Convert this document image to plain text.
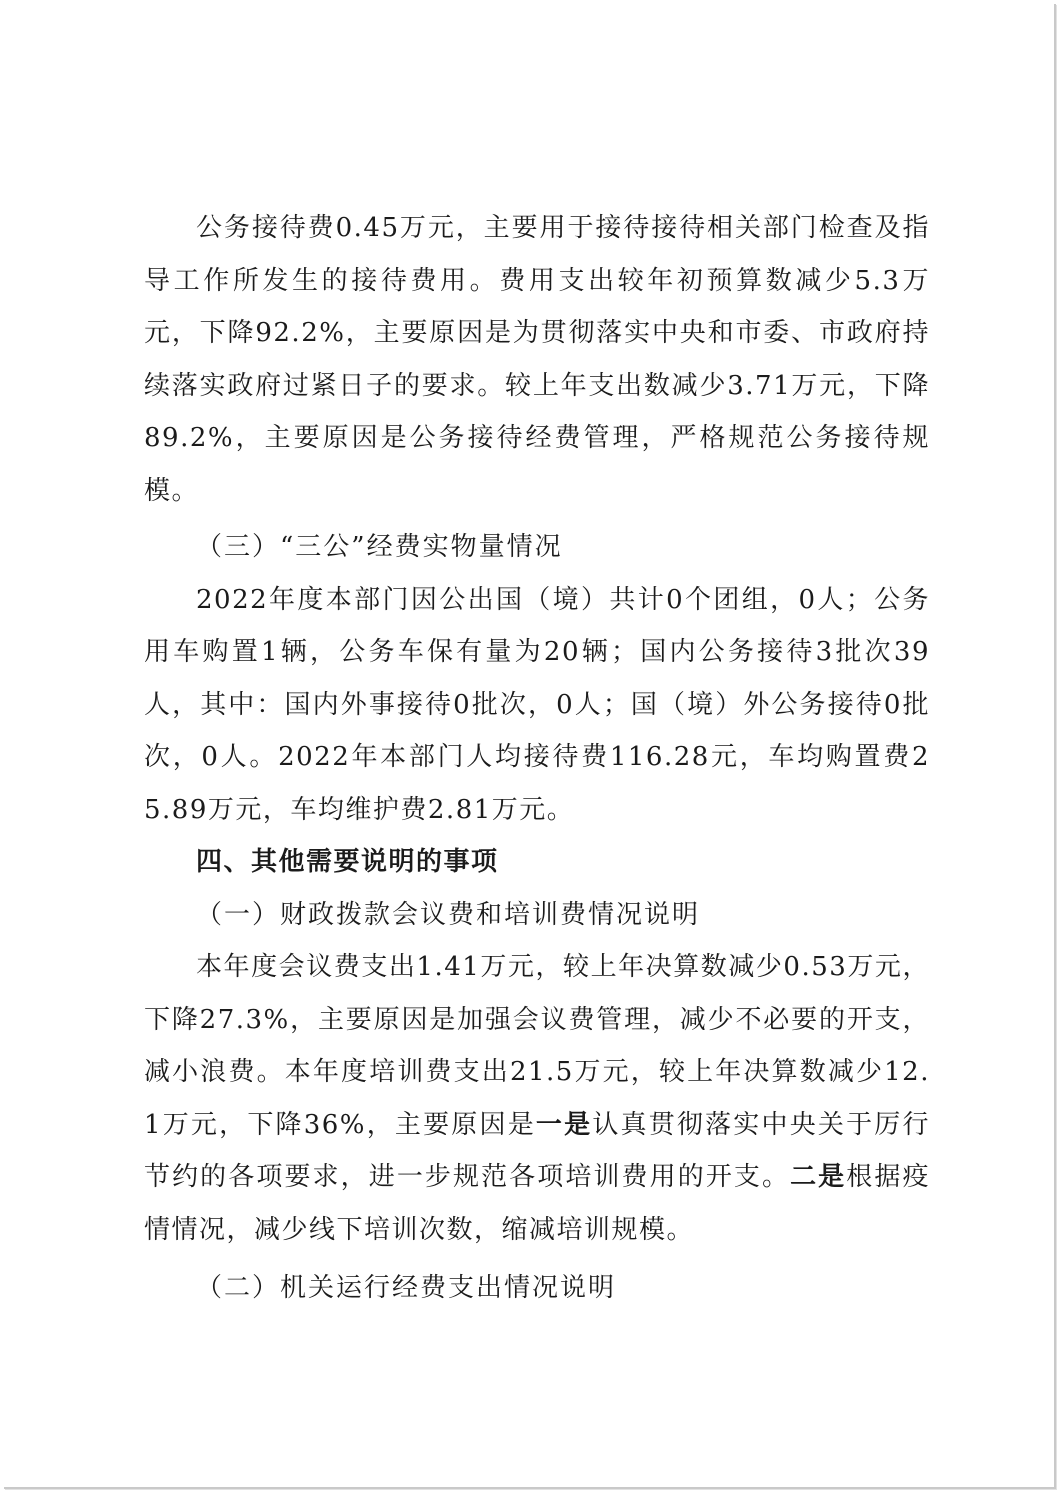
公务接待费0.45万元，主要用于接待接待相关部门检查及指导工作所发生的接待费用。费用支出较年初预算数减少5.3万元，下降92.2%，主要原因是为贯彻落实中央和市委、市政府持续落实政府过紧日子的要求。较上年支出数减少3.71万元，下降89.2%，主要原因是公务接待经费管理，严格规范公务接待规模。

（三）“三公”经费实物量情况

2022年度本部门因公出国（境）共计0个团组，0人；公务用车购置1辆，公务车保有量为20辆；国内公务接待3批次39人，其中：国内外事接待0批次，0人；国（境）外公务接待0批次，0人。2022年本部门人均接待费116.28元，车均购置费25.89万元，车均维护费2.81万元。

四、其他需要说明的事项

（一）财政拨款会议费和培训费情况说明

本年度会议费支出1.41万元，较上年决算数减少0.53万元，下降27.3%，主要原因是加强会议费管理，减少不必要的开支，减小浪费。本年度培训费支出21.5万元，较上年决算数减少12.1万元，下降36%，主要原因是一是认真贯彻落实中央关于厉行节约的各项要求，进一步规范各项培训费用的开支。二是根据疫情情况，减少线下培训次数，缩减培训规模。

（二）机关运行经费支出情况说明
